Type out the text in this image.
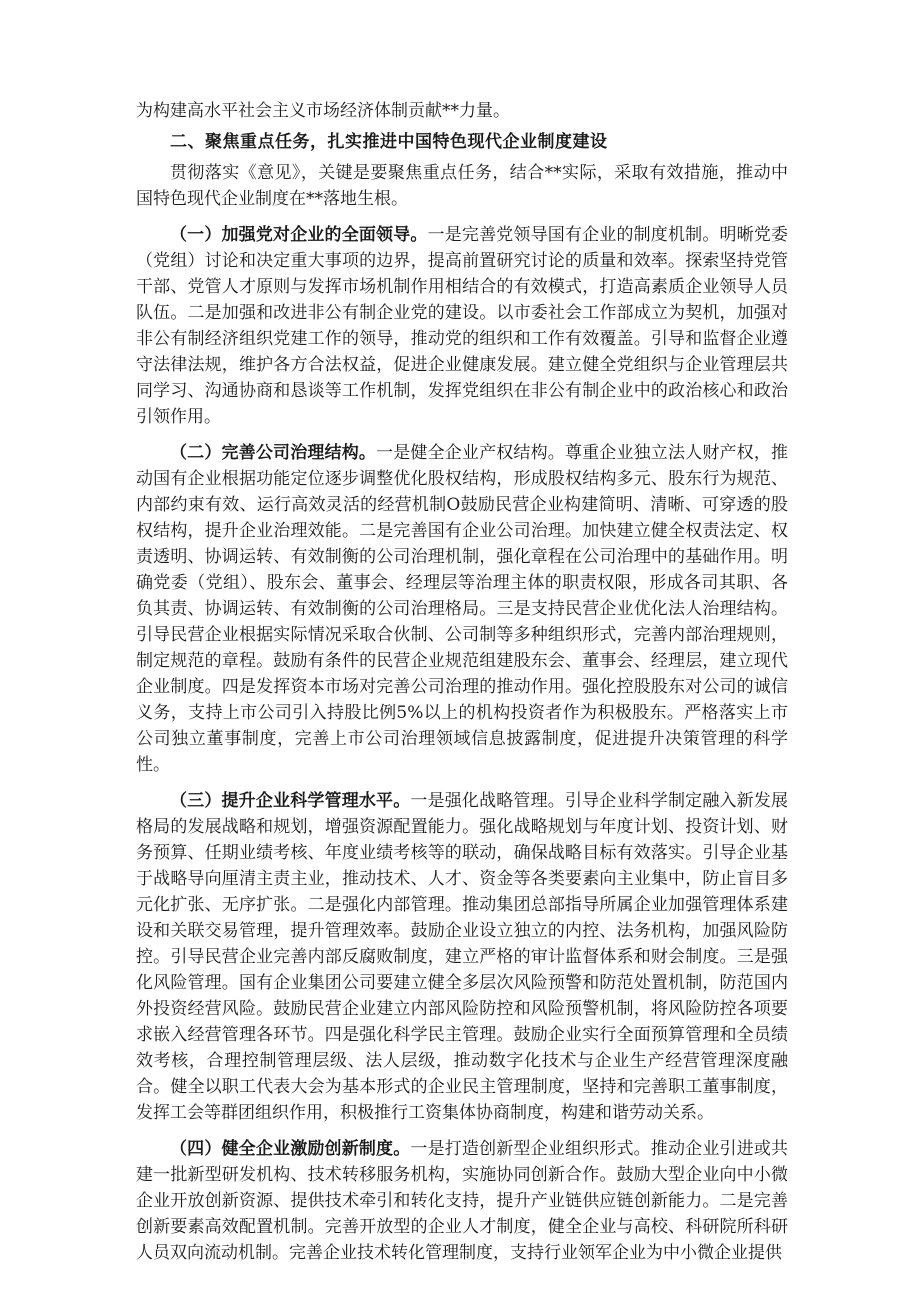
为构建高水平社会主义市场经济体制贡献**力量。

二、聚焦重点任务，扎实推进中国特色现代企业制度建设

贯彻落实《意见》，关键是要聚焦重点任务，结合**实际，采取有效措施，推动中国特色现代企业制度在**落地生根。

（一）加强党对企业的全面领导。一是完善党领导国有企业的制度机制。明晰党委（党组）讨论和决定重大事项的边界，提高前置研究讨论的质量和效率。探索坚持党管干部、党管人才原则与发挥市场机制作用相结合的有效模式，打造高素质企业领导人员队伍。二是加强和改进非公有制企业党的建设。以市委社会工作部成立为契机，加强对非公有制经济组织党建工作的领导，推动党的组织和工作有效覆盖。引导和监督企业遵守法律法规，维护各方合法权益，促进企业健康发展。建立健全党组织与企业管理层共同学习、沟通协商和恳谈等工作机制，发挥党组织在非公有制企业中的政治核心和政治引领作用。

（二）完善公司治理结构。一是健全企业产权结构。尊重企业独立法人财产权，推动国有企业根据功能定位逐步调整优化股权结构，形成股权结构多元、股东行为规范、内部约束有效、运行高效灵活的经营机制O鼓励民营企业构建简明、清晰、可穿透的股权结构，提升企业治理效能。二是完善国有企业公司治理。加快建立健全权责法定、权责透明、协调运转、有效制衡的公司治理机制，强化章程在公司治理中的基础作用。明确党委（党组）、股东会、董事会、经理层等治理主体的职责权限，形成各司其职、各负其责、协调运转、有效制衡的公司治理格局。三是支持民营企业优化法人治理结构。引导民营企业根据实际情况采取合伙制、公司制等多种组织形式，完善内部治理规则，制定规范的章程。鼓励有条件的民营企业规范组建股东会、董事会、经理层，建立现代企业制度。四是发挥资本市场对完善公司治理的推动作用。强化控股股东对公司的诚信义务，支持上市公司引入持股比例5%以上的机构投资者作为积极股东。严格落实上市公司独立董事制度，完善上市公司治理领域信息披露制度，促进提升决策管理的科学性。

（三）提升企业科学管理水平。一是强化战略管理。引导企业科学制定融入新发展格局的发展战略和规划，增强资源配置能力。强化战略规划与年度计划、投资计划、财务预算、任期业绩考核、年度业绩考核等的联动，确保战略目标有效落实。引导企业基于战略导向厘清主责主业，推动技术、人才、资金等各类要素向主业集中，防止盲目多元化扩张、无序扩张。二是强化内部管理。推动集团总部指导所属企业加强管理体系建设和关联交易管理，提升管理效率。鼓励企业设立独立的内控、法务机构，加强风险防控。引导民营企业完善内部反腐败制度，建立严格的审计监督体系和财会制度。三是强化风险管理。国有企业集团公司要建立健全多层次风险预警和防范处置机制，防范国内外投资经营风险。鼓励民营企业建立内部风险防控和风险预警机制，将风险防控各项要求嵌入经营管理各环节。四是强化科学民主管理。鼓励企业实行全面预算管理和全员绩效考核，合理控制管理层级、法人层级，推动数字化技术与企业生产经营管理深度融合。健全以职工代表大会为基本形式的企业民主管理制度，坚持和完善职工董事制度，发挥工会等群团组织作用，积极推行工资集体协商制度，构建和谐劳动关系。

（四）健全企业激励创新制度。一是打造创新型企业组织形式。推动企业引进或共建一批新型研发机构、技术转移服务机构，实施协同创新合作。鼓励大型企业向中小微企业开放创新资源、提供技术牵引和转化支持，提升产业链供应链创新能力。二是完善创新要素高效配置机制。完善开放型的企业人才制度，健全企业与高校、科研院所科研人员双向流动机制。完善企业技术转化管理制度，支持行业领军企业为中小微企业提供
